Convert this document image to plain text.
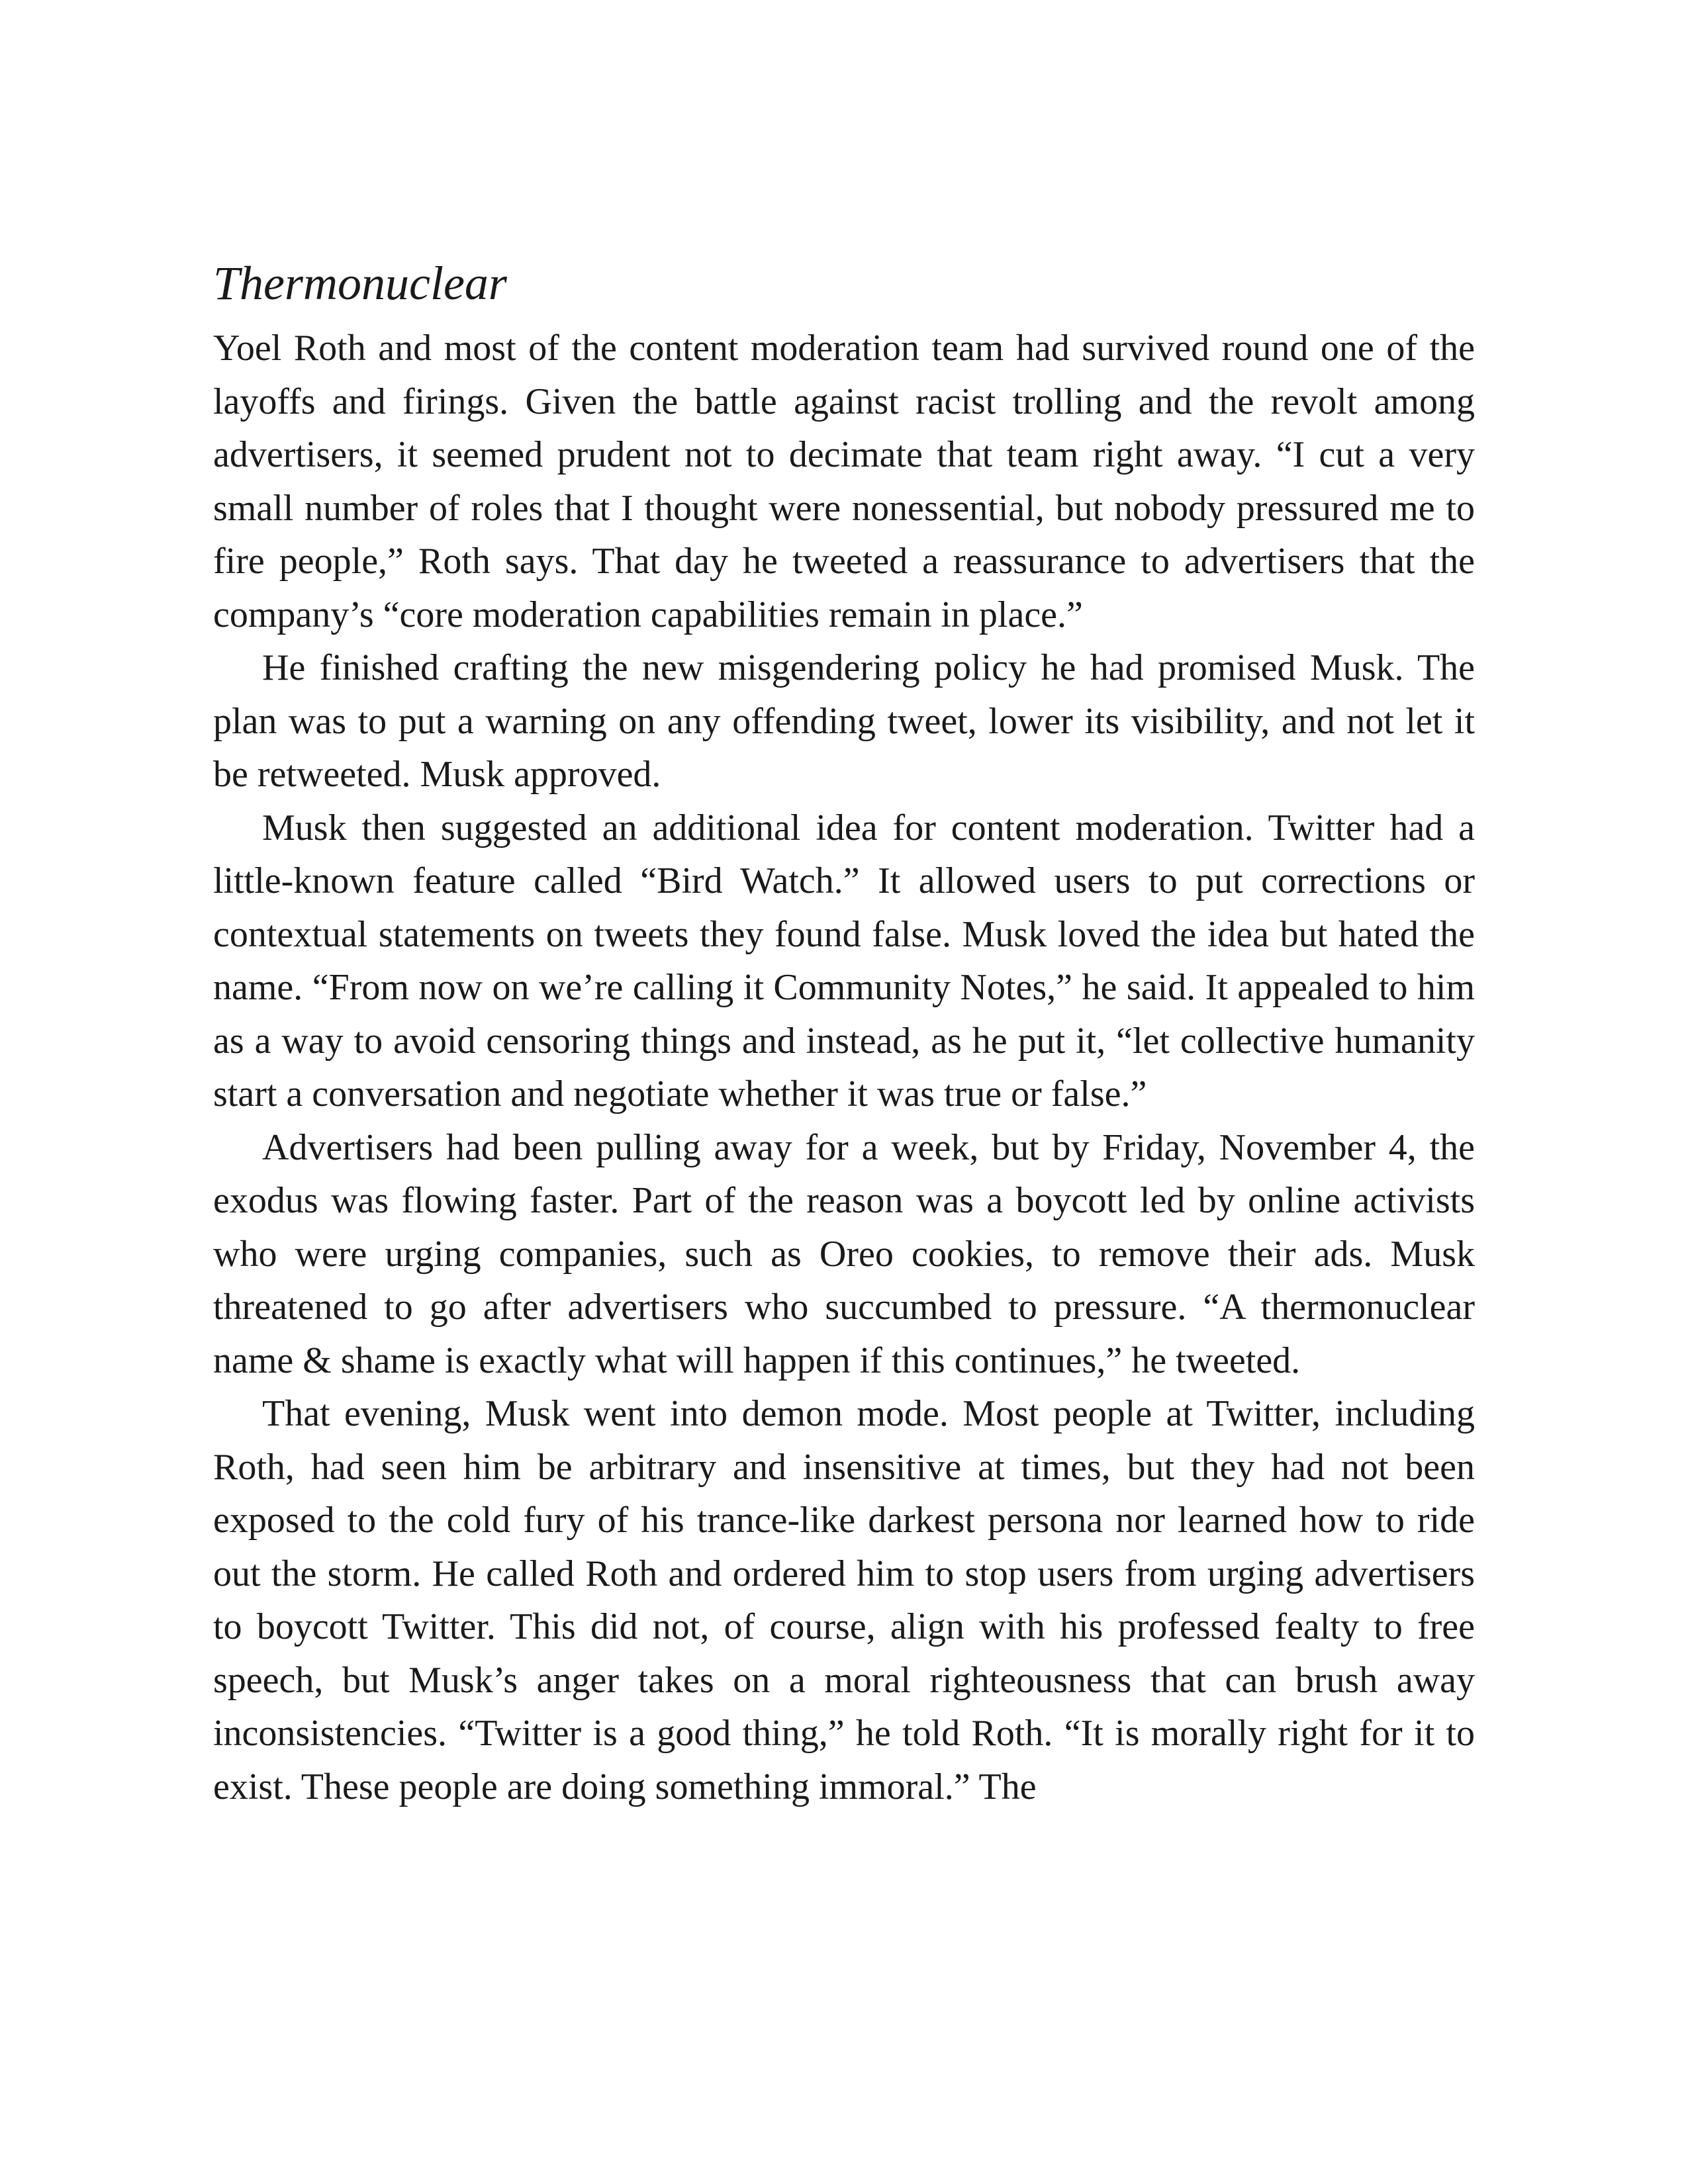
Thermonuclear

Yoel Roth and most of the content moderation team had survived round one of the layoffs and firings. Given the battle against racist trolling and the revolt among advertisers, it seemed prudent not to decimate that team right away. “I cut a very small number of roles that I thought were nonessential, but nobody pressured me to fire people,” Roth says. That day he tweeted a reassurance to advertisers that the company’s “core moderation capabilities remain in place.”

He finished crafting the new misgendering policy he had promised Musk. The plan was to put a warning on any offending tweet, lower its visibility, and not let it be retweeted. Musk approved.

Musk then suggested an additional idea for content moderation. Twitter had a little-known feature called “Bird Watch.” It allowed users to put corrections or contextual statements on tweets they found false. Musk loved the idea but hated the name. “From now on we’re calling it Community Notes,” he said. It appealed to him as a way to avoid censoring things and instead, as he put it, “let collective humanity start a conversation and negotiate whether it was true or false.”

Advertisers had been pulling away for a week, but by Friday, November 4, the exodus was flowing faster. Part of the reason was a boycott led by online activists who were urging companies, such as Oreo cookies, to remove their ads. Musk threatened to go after advertisers who succumbed to pressure. “A thermonuclear name & shame is exactly what will happen if this continues,” he tweeted.

That evening, Musk went into demon mode. Most people at Twitter, including Roth, had seen him be arbitrary and insensitive at times, but they had not been exposed to the cold fury of his trance-like darkest persona nor learned how to ride out the storm. He called Roth and ordered him to stop users from urging advertisers to boycott Twitter. This did not, of course, align with his professed fealty to free speech, but Musk’s anger takes on a moral righteousness that can brush away inconsistencies. “Twitter is a good thing,” he told Roth. “It is morally right for it to exist. These people are doing something immoral.” The
